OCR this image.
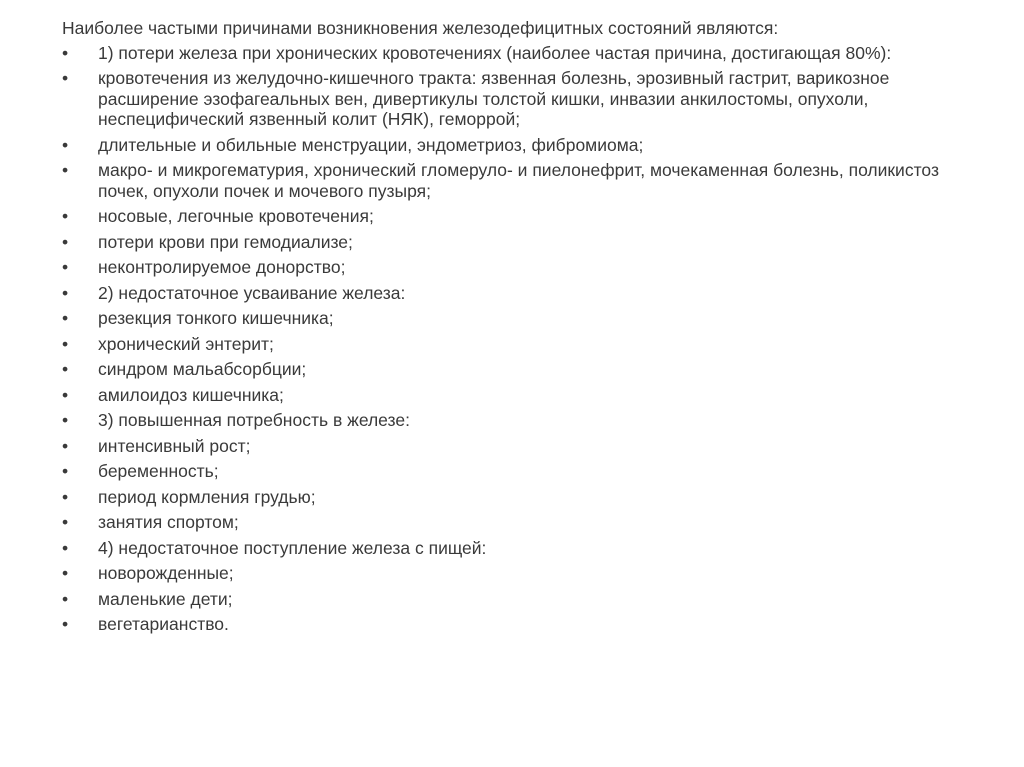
Наиболее частыми причинами возникновения железодефицитных состояний являются:

•	1) потери железа при хронических кровотечениях (наиболее частая причина, достигающая 80%):
•	кровотечения из желудочно-кишечного тракта: язвенная болезнь, эрозивный гастрит, варикозное расширение эзофагеальных вен, дивертикулы толстой кишки, инвазии анкилостомы, опухоли, неспецифический язвенный колит (НЯК), геморрой;
•	длительные и обильные менструации, эндометриоз, фибромиома;
•	макро- и микрогематурия, хронический гломеруло- и пиелонефрит, мочекаменная болезнь, поликистоз почек, опухоли почек и мочевого пузыря;
•	носовые, легочные кровотечения;
•	потери крови при гемодиализе;
•	неконтролируемое донорство;
•	2) недостаточное усваивание железа:
•	резекция тонкого кишечника;
•	хронический энтерит;
•	синдром мальабсорбции;
•	амилоидоз кишечника;
•	3) повышенная потребность в железе:
•	интенсивный рост;
•	беременность;
•	период кормления грудью;
•	занятия спортом;
•	4) недостаточное поступление железа с пищей:
•	новорожденные;
•	маленькие дети;
•	вегетарианство.
